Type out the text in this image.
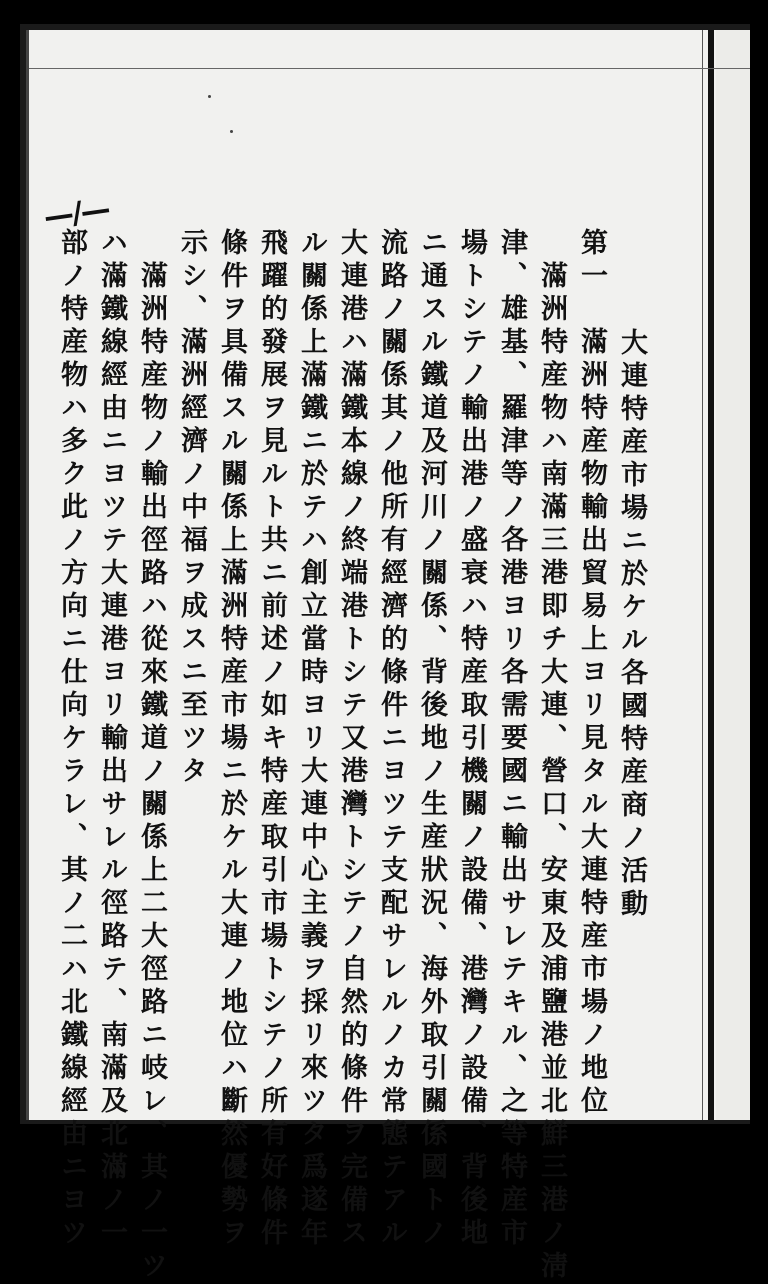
—/—
大連特産市場ニ於ケル各國特産商ノ活動
第一　滿洲特産物輸出貿易上ヨリ見タル大連特産市場ノ地位
　滿洲特産物ハ南滿三港即チ大連、營口、安東及浦鹽港並北鮮三港ノ淸
津、雄基、羅津等ノ各港ヨリ各需要國ニ輸出サレテキル、之等特産市
場トシテノ輸出港ノ盛衰ハ特産取引機關ノ設備、港灣ノ設備、背後地
ニ通スル鐵道及河川ノ關係、背後地ノ生産狀況、海外取引關係國トノ
流路ノ關係其ノ他所有經濟的條件ニヨツテ支配サレルノカ常態テアル
大連港ハ滿鐵本線ノ終端港トシテ又港灣トシテノ自然的條件ヲ完備ス
ル關係上滿鐵ニ於テハ創立當時ヨリ大連中心主義ヲ採リ來ツタ爲遂年
飛躍的發展ヲ見ルト共ニ前述ノ如キ特産取引市場トシテノ所有好條件
條件ヲ具備スル關係上滿洲特産市場ニ於ケル大連ノ地位ハ斷然優勢ヲ
示シ、滿洲經濟ノ中福ヲ成スニ至ツタ
　滿洲特産物ノ輸出徑路ハ從來鐵道ノ關係上二大徑路ニ岐レ、其ノ一ツ
ハ滿鐵線經由ニヨツテ大連港ヨリ輸出サレル徑路テ、南滿及北滿ノ一
部ノ特産物ハ多ク此ノ方向ニ仕向ケラレ、其ノ二ハ北鐵線經由ニヨツ
